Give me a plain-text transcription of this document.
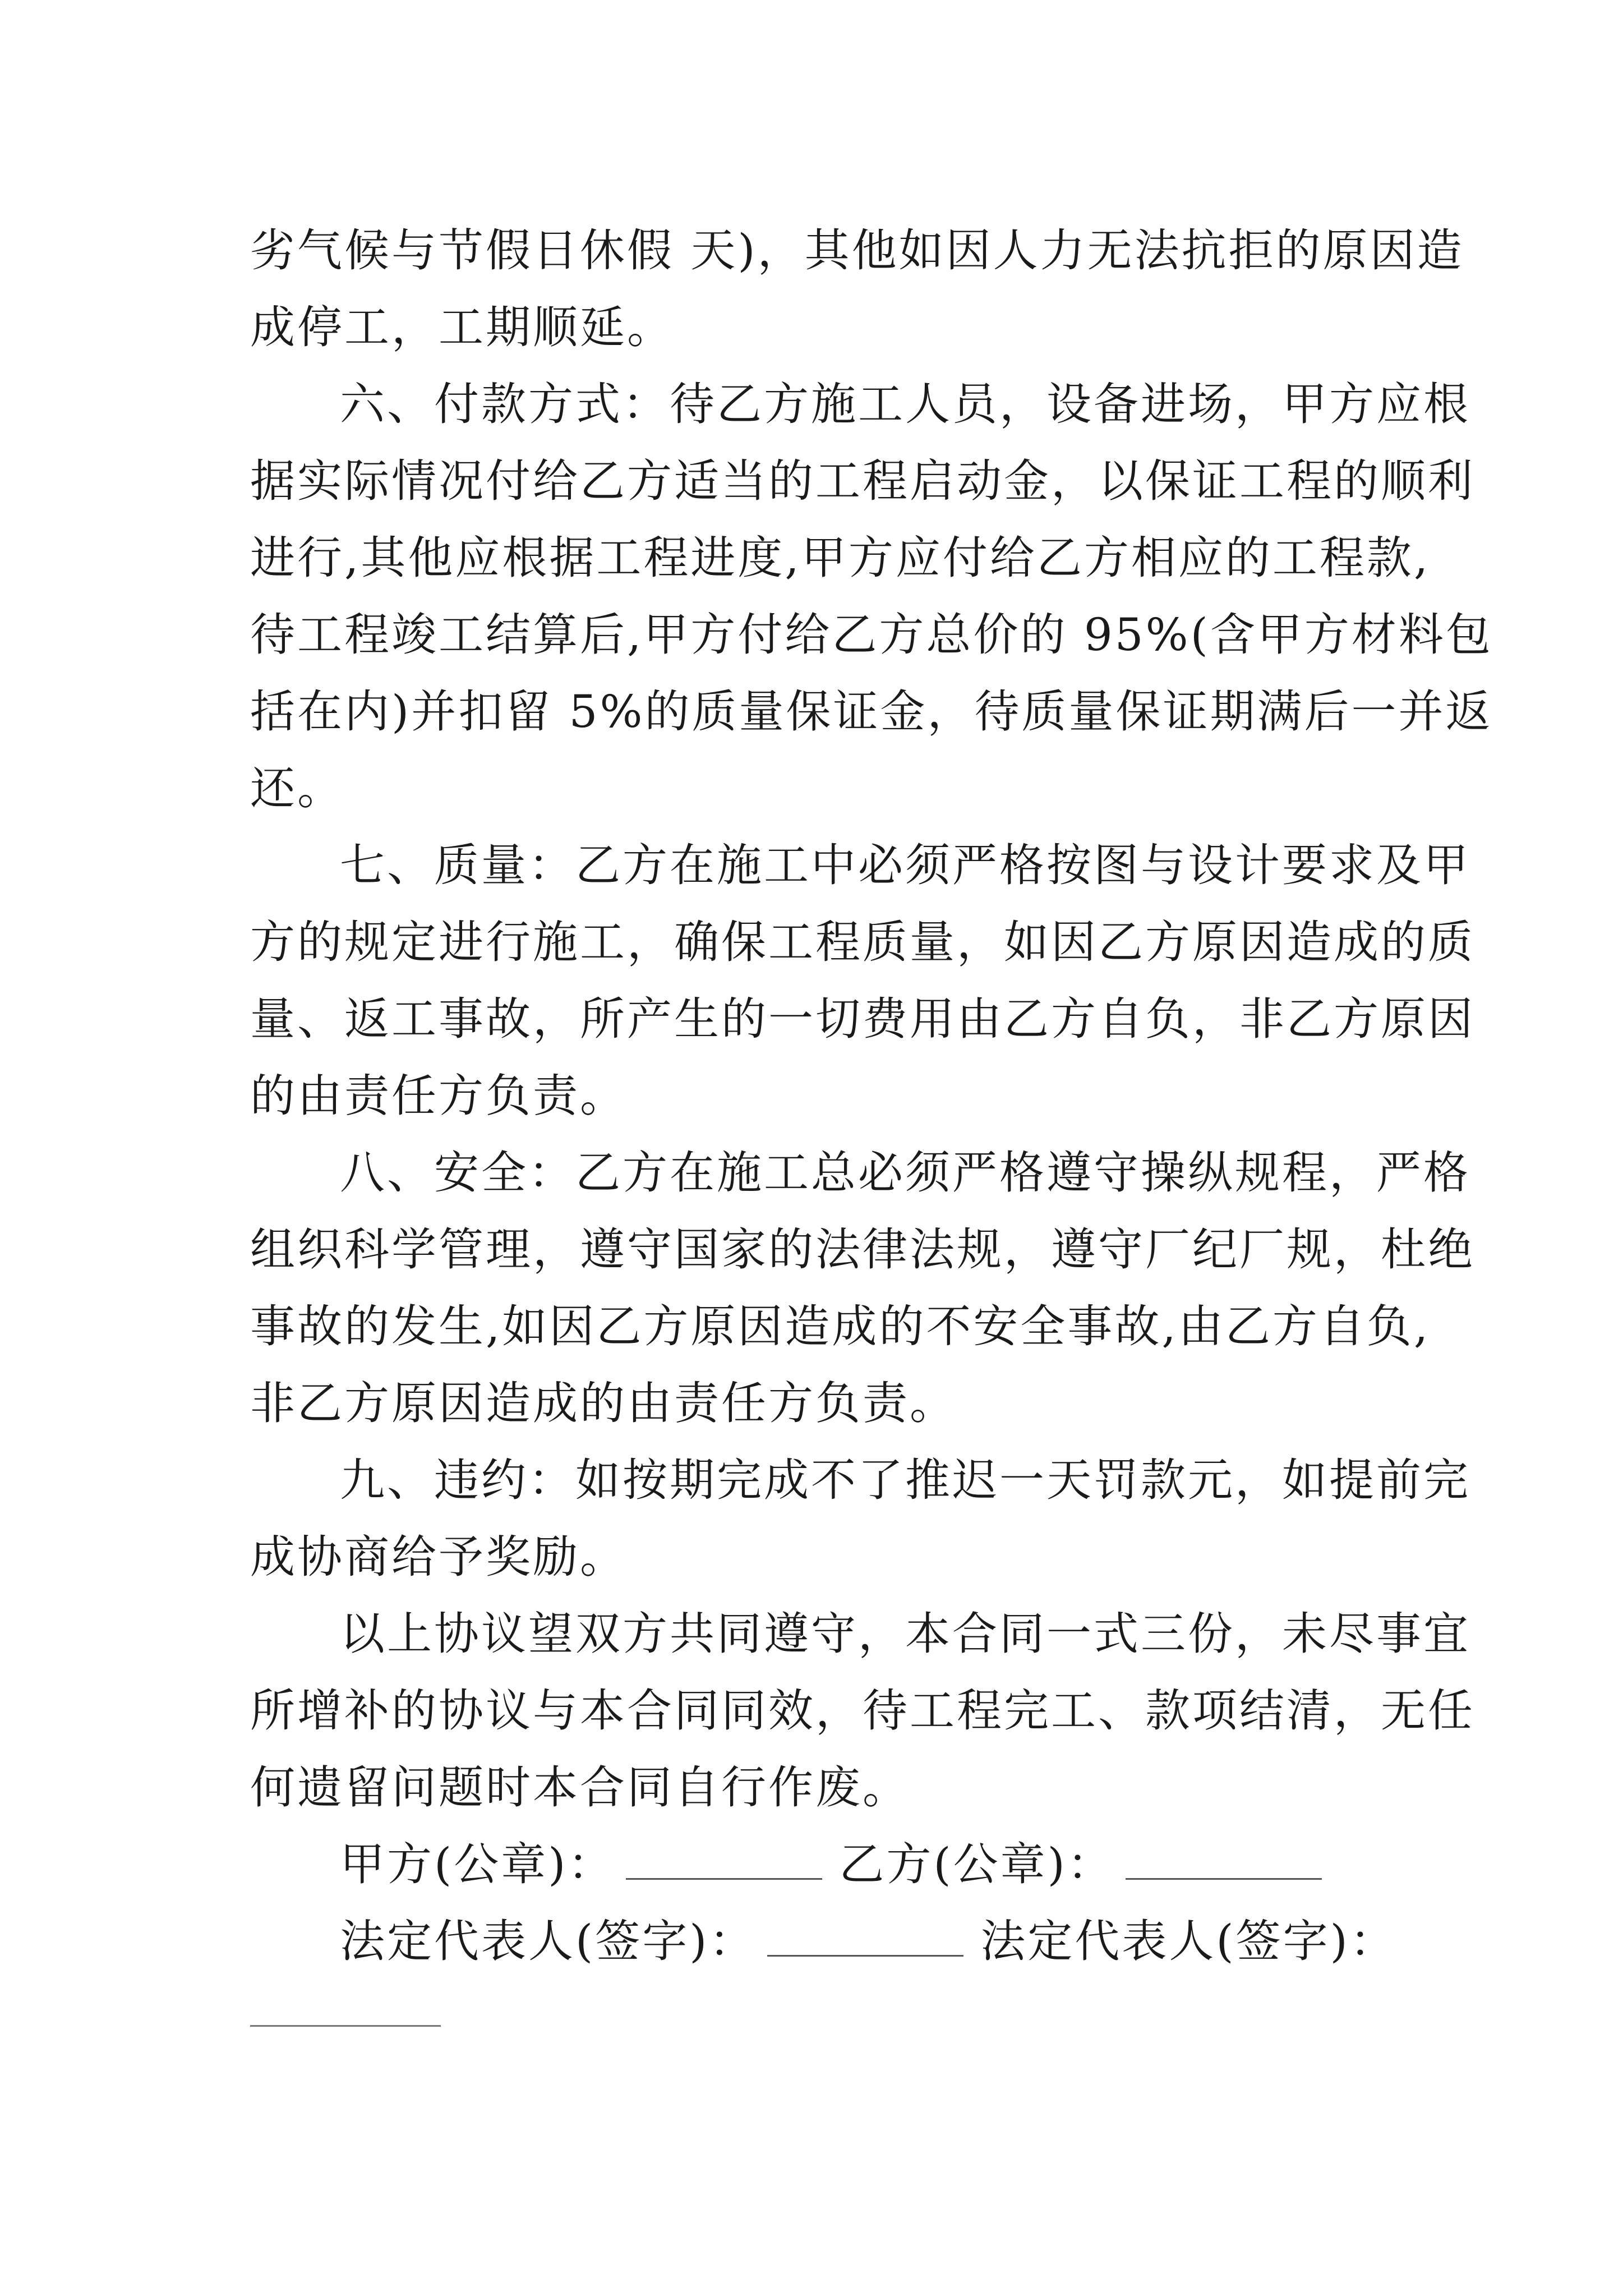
劣气候与节假日休假 天)，其他如因人力无法抗拒的原因造
成停工，工期顺延。
六、付款方式：待乙方施工人员，设备进场，甲方应根
据实际情况付给乙方适当的工程启动金，以保证工程的顺利
进行,其他应根据工程进度,甲方应付给乙方相应的工程款,
待工程竣工结算后,甲方付给乙方总价的 95%(含甲方材料包
括在内)并扣留 5%的质量保证金，待质量保证期满后一并返
还。
七、质量：乙方在施工中必须严格按图与设计要求及甲
方的规定进行施工，确保工程质量，如因乙方原因造成的质
量、返工事故，所产生的一切费用由乙方自负，非乙方原因
的由责任方负责。
八、安全：乙方在施工总必须严格遵守操纵规程，严格
组织科学管理，遵守国家的法律法规，遵守厂纪厂规，杜绝
事故的发生,如因乙方原因造成的不安全事故,由乙方自负,
非乙方原因造成的由责任方负责。
九、违约：如按期完成不了推迟一天罚款元，如提前完
成协商给予奖励。
以上协议望双方共同遵守，本合同一式三份，未尽事宜
所增补的协议与本合同同效，待工程完工、款项结清，无任
何遗留问题时本合同自行作废。
甲方(公章)：	乙方(公章)：
法定代表人(签字)：	法定代表人(签字)：
